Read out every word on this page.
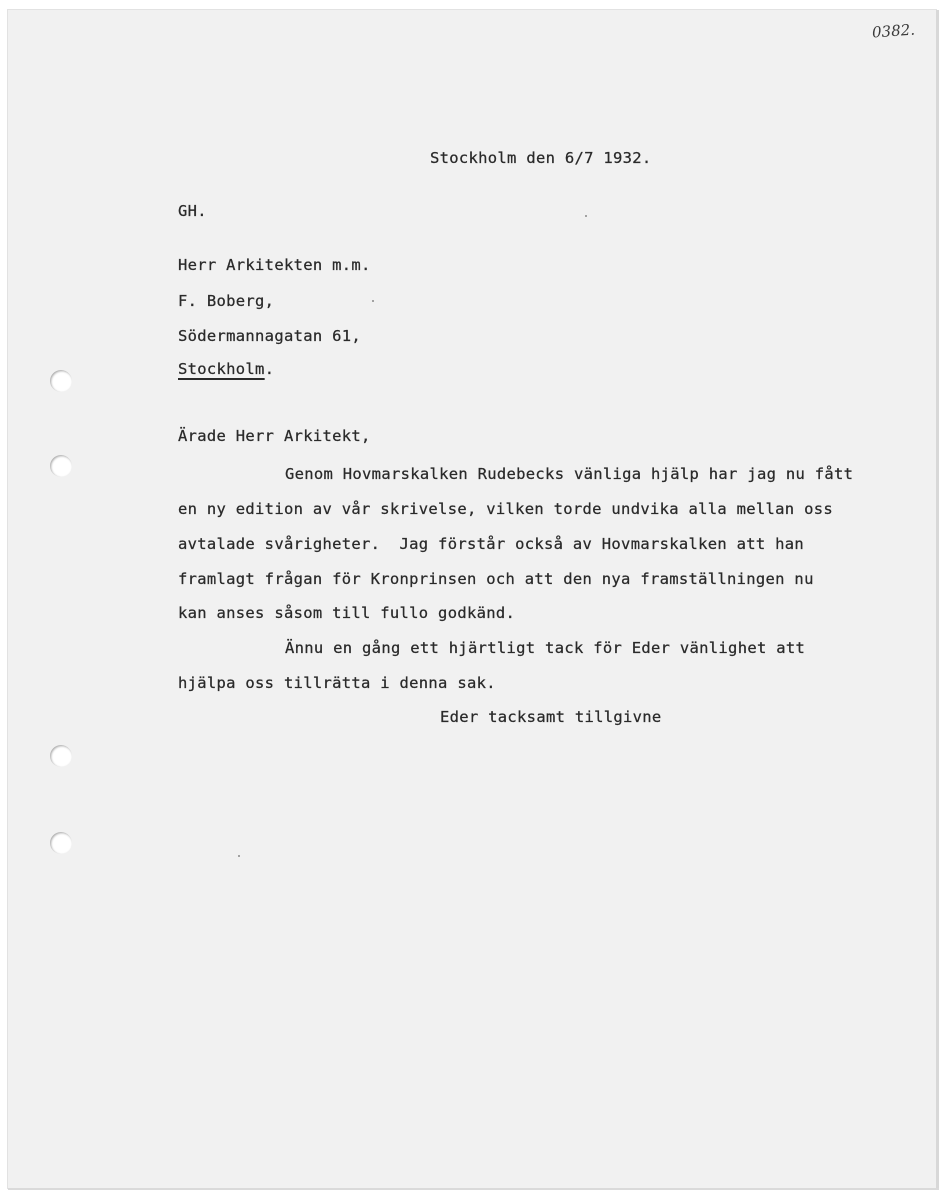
0382.
Stockholm den 6/7 1932.
GH.
Herr Arkitekten m.m.
F. Boberg,
Södermannagatan 61,
Stockholm.
Ärade Herr Arkitekt,
Genom Hovmarskalken Rudebecks vänliga hjälp har jag nu fått
en ny edition av vår skrivelse, vilken torde undvika alla mellan oss
avtalade svårigheter.  Jag förstår också av Hovmarskalken att han
framlagt frågan för Kronprinsen och att den nya framställningen nu
kan anses såsom till fullo godkänd.
Ännu en gång ett hjärtligt tack för Eder vänlighet att
hjälpa oss tillrätta i denna sak.
Eder tacksamt tillgivne
